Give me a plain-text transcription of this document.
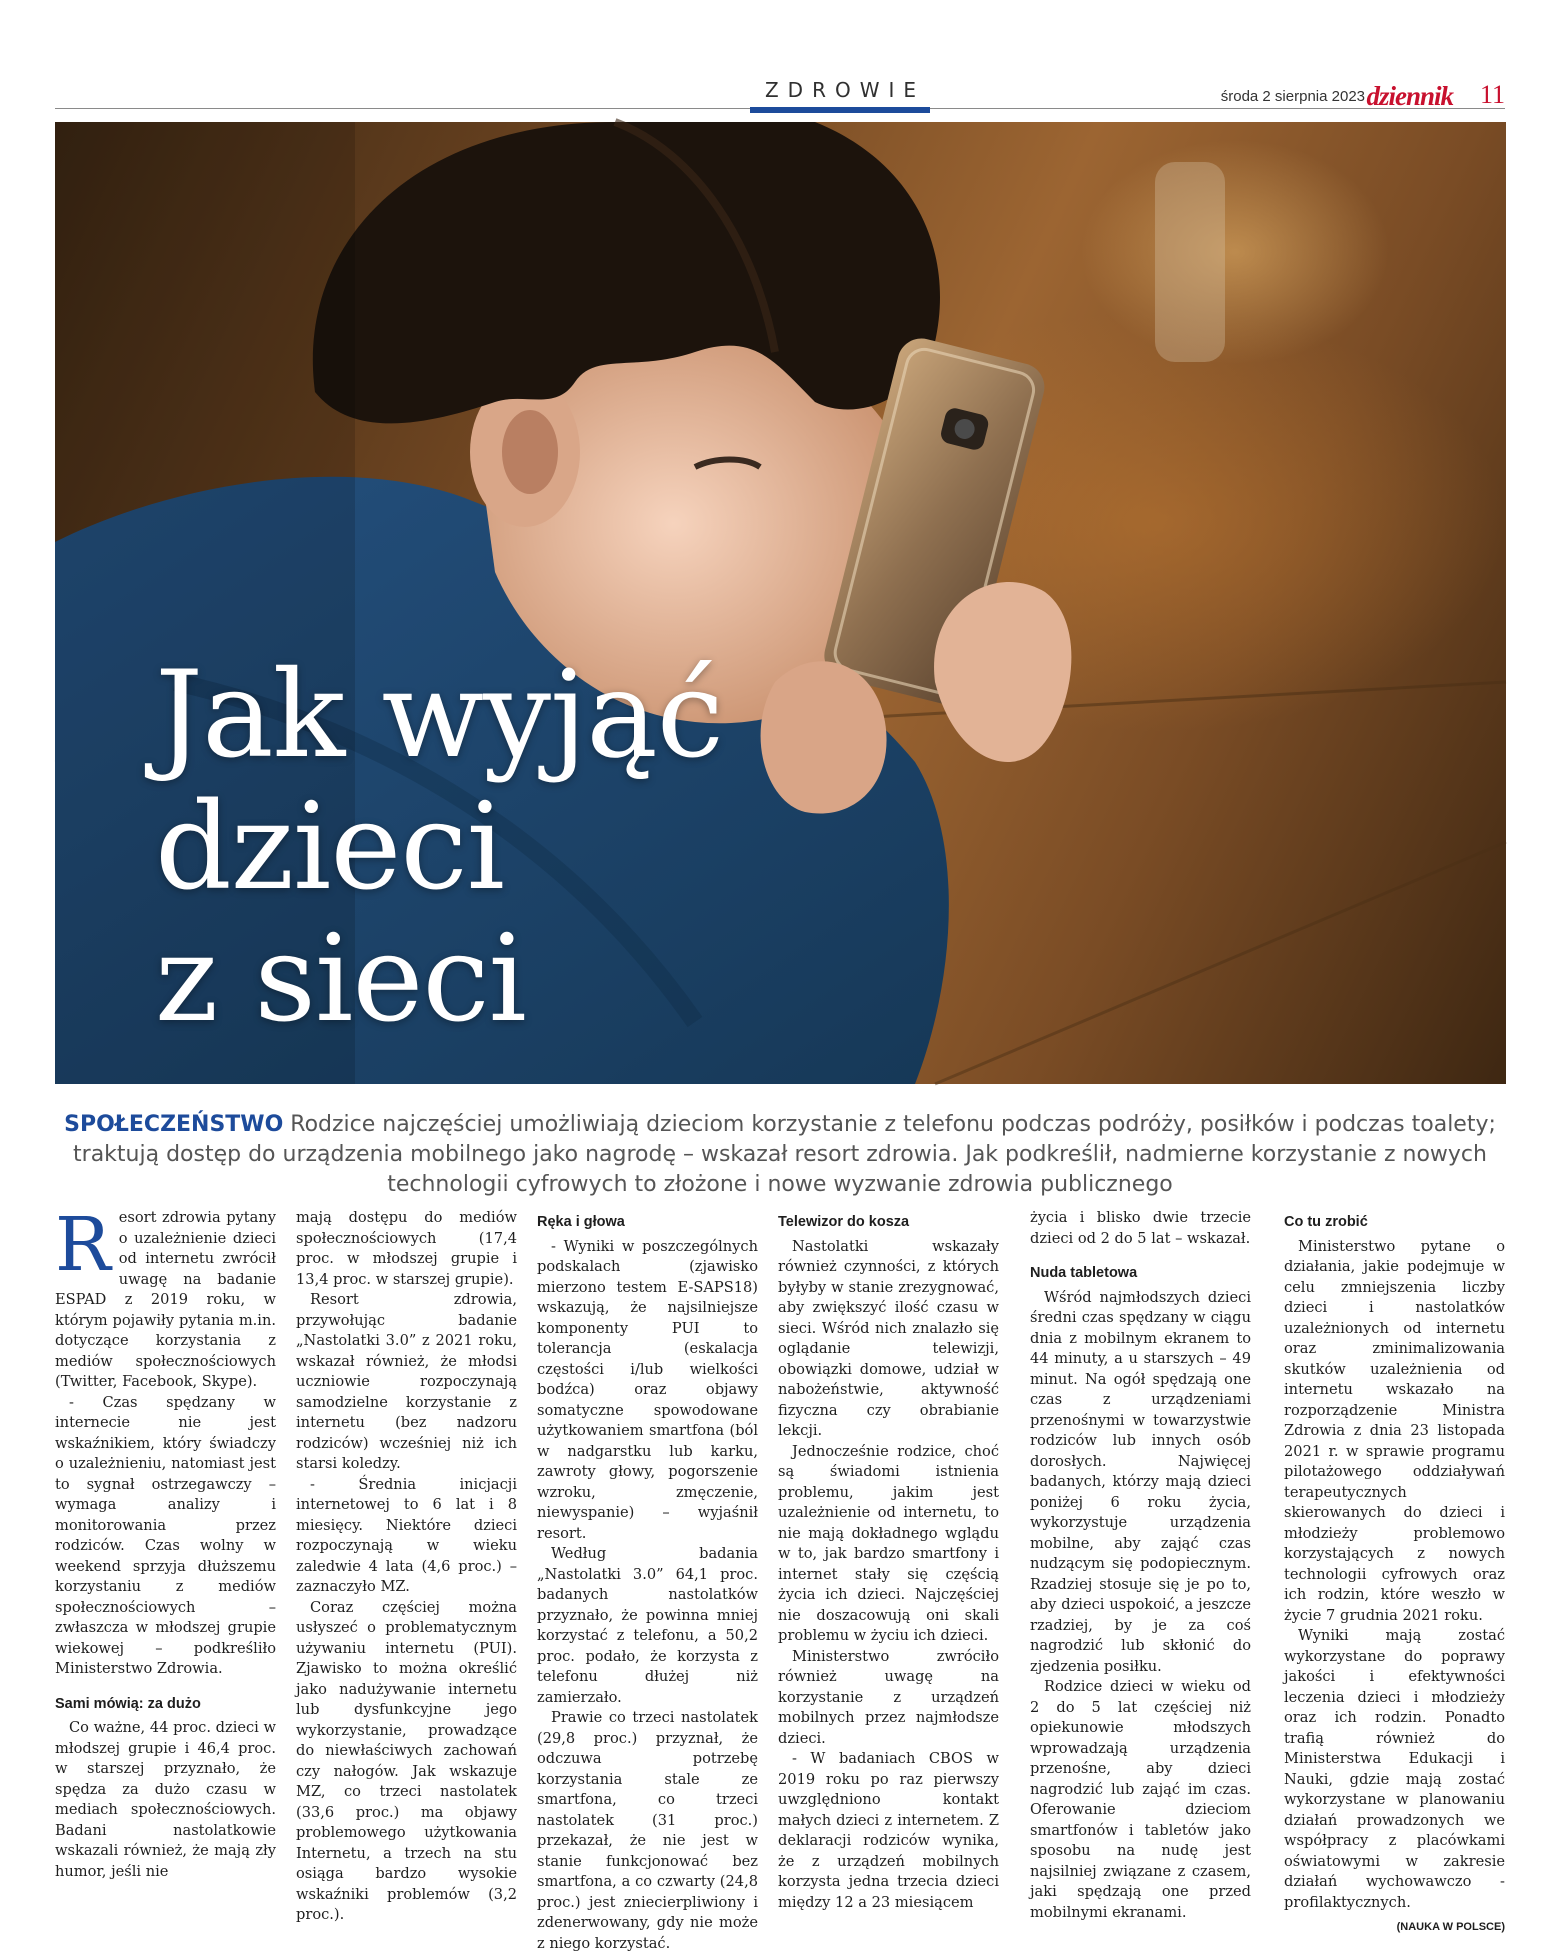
ZDROWIE	środa 2 sierpnia 2023 dziennik 11
Jak wyjąć
dzieci
z sieci

SPOŁECZEŃSTWO Rodzice najczęściej umożliwiają dzieciom korzystanie z telefonu podczas podróży, posiłków i podczas toalety; traktują dostęp do urządzenia mobilnego jako nagrodę – wskazał resort zdrowia. Jak podkreślił, nadmierne korzystanie z nowych technologii cyfrowych to złożone i nowe wyzwanie zdrowia publicznego

R esort zdrowia pytany o uzależnienie dzieci od internetu zwrócił uwagę na badanie ESPAD z 2019 roku, w którym pojawiły pytania m.in. dotyczące korzystania z mediów społecznościowych (Twitter, Facebook, Skype).

- Czas spędzany w internecie nie jest wskaźnikiem, który świadczy o uzależnieniu, natomiast jest to sygnał ostrzegawczy – wymaga analizy i monitorowania przez rodziców. Czas wolny w weekend sprzyja dłuższemu korzystaniu z mediów społecznościowych – zwłaszcza w młodszej grupie wiekowej – podkreśliło Ministerstwo Zdrowia.

Sami mówią: za dużo

Co ważne, 44 proc. dzieci w młodszej grupie i 46,4 proc. w starszej przyznało, że spędza za dużo czasu w mediach społecznościowych. Badani nastolatkowie wskazali również, że mają zły humor, jeśli nie

mają dostępu do mediów społecznościowych (17,4 proc. w młodszej grupie i 13,4 proc. w starszej grupie).

Resort zdrowia, przywołując badanie „Nastolatki 3.0” z 2021 roku, wskazał również, że młodsi uczniowie rozpoczynają samodzielne korzystanie z internetu (bez nadzoru rodziców) wcześniej niż ich starsi koledzy.

- Średnia inicjacji internetowej to 6 lat i 8 miesięcy. Niektóre dzieci rozpoczynają w wieku zaledwie 4 lata (4,6 proc.) – zaznaczyło MZ.

Coraz częściej można usłyszeć o problematycznym używaniu internetu (PUI). Zjawisko to można określić jako nadużywanie internetu lub dysfunkcyjne jego wykorzystanie, prowadzące do niewłaściwych zachowań czy nałogów. Jak wskazuje MZ, co trzeci nastolatek (33,6 proc.) ma objawy problemowego użytkowania Internetu, a trzech na stu osiąga bardzo wysokie wskaźniki problemów (3,2 proc.).

Ręka i głowa

- Wyniki w poszczególnych podskalach (zjawisko mierzono testem E-SAPS18) wskazują, że najsilniejsze komponenty PUI to tolerancja (eskalacja częstości i/lub wielkości bodźca) oraz objawy somatyczne spowodowane użytkowaniem smartfona (ból w nadgarstku lub karku, zawroty głowy, pogorszenie wzroku, zmęczenie, niewyspanie) – wyjaśnił resort.

Według badania „Nastolatki 3.0” 64,1 proc. badanych nastolatków przyznało, że powinna mniej korzystać z telefonu, a 50,2 proc. podało, że korzysta z telefonu dłużej niż zamierzało.

Prawie co trzeci nastolatek (29,8 proc.) przyznał, że odczuwa potrzebę korzystania stale ze smartfona, co trzeci nastolatek (31 proc.) przekazał, że nie jest w stanie funkcjonować bez smartfona, a co czwarty (24,8 proc.) jest zniecierpliwiony i zdenerwowany, gdy nie może z niego korzystać.

Telewizor do kosza

Nastolatki wskazały również czynności, z których byłyby w stanie zrezygnować, aby zwiększyć ilość czasu w sieci. Wśród nich znalazło się oglądanie telewizji, obowiązki domowe, udział w nabożeństwie, aktywność fizyczna czy obrabianie lekcji.

Jednocześnie rodzice, choć są świadomi istnienia problemu, jakim jest uzależnienie od internetu, to nie mają dokładnego wglądu w to, jak bardzo smartfony i internet stały się częścią życia ich dzieci. Najczęściej nie doszacowują oni skali problemu w życiu ich dzieci.

Ministerstwo zwróciło również uwagę na korzystanie z urządzeń mobilnych przez najmłodsze dzieci.

- W badaniach CBOS w 2019 roku po raz pierwszy uwzględniono kontakt małych dzieci z internetem. Z deklaracji rodziców wynika, że z urządzeń mobilnych korzysta jedna trzecia dzieci między 12 a 23 miesiącem

życia i blisko dwie trzecie dzieci od 2 do 5 lat – wskazał.

Nuda tabletowa

Wśród najmłodszych dzieci średni czas spędzany w ciągu dnia z mobilnym ekranem to 44 minuty, a u starszych – 49 minut. Na ogół spędzają one czas z urządzeniami przenośnymi w towarzystwie rodziców lub innych osób dorosłych. Najwięcej badanych, którzy mają dzieci poniżej 6 roku życia, wykorzystuje urządzenia mobilne, aby zająć czas nudzącym się podopiecznym. Rzadziej stosuje się je po to, aby dzieci uspokoić, a jeszcze rzadziej, by je za coś nagrodzić lub skłonić do zjedzenia posiłku.

Rodzice dzieci w wieku od 2 do 5 lat częściej niż opiekunowie młodszych wprowadzają urządzenia przenośne, aby dzieci nagrodzić lub zająć im czas. Oferowanie dzieciom smartfonów i tabletów jako sposobu na nudę jest najsilniej związane z czasem, jaki spędzają one przed mobilnymi ekranami.

Co tu zrobić

Ministerstwo pytane o działania, jakie podejmuje w celu zmniejszenia liczby dzieci i nastolatków uzależnionych od internetu oraz zminimalizowania skutków uzależnienia od internetu wskazało na rozporządzenie Ministra Zdrowia z dnia 23 listopada 2021 r. w sprawie programu pilotażowego oddziaływań terapeutycznych skierowanych do dzieci i młodzieży problemowo korzystających z nowych technologii cyfrowych oraz ich rodzin, które weszło w życie 7 grudnia 2021 roku.

Wyniki mają zostać wykorzystane do poprawy jakości i efektywności leczenia dzieci i młodzieży oraz ich rodzin. Ponadto trafią również do Ministerstwa Edukacji i Nauki, gdzie mają zostać wykorzystane w planowaniu działań prowadzonych we współpracy z placówkami oświatowymi w zakresie działań wychowawczo - profilaktycznych.

(NAUKA W POLSCE)
